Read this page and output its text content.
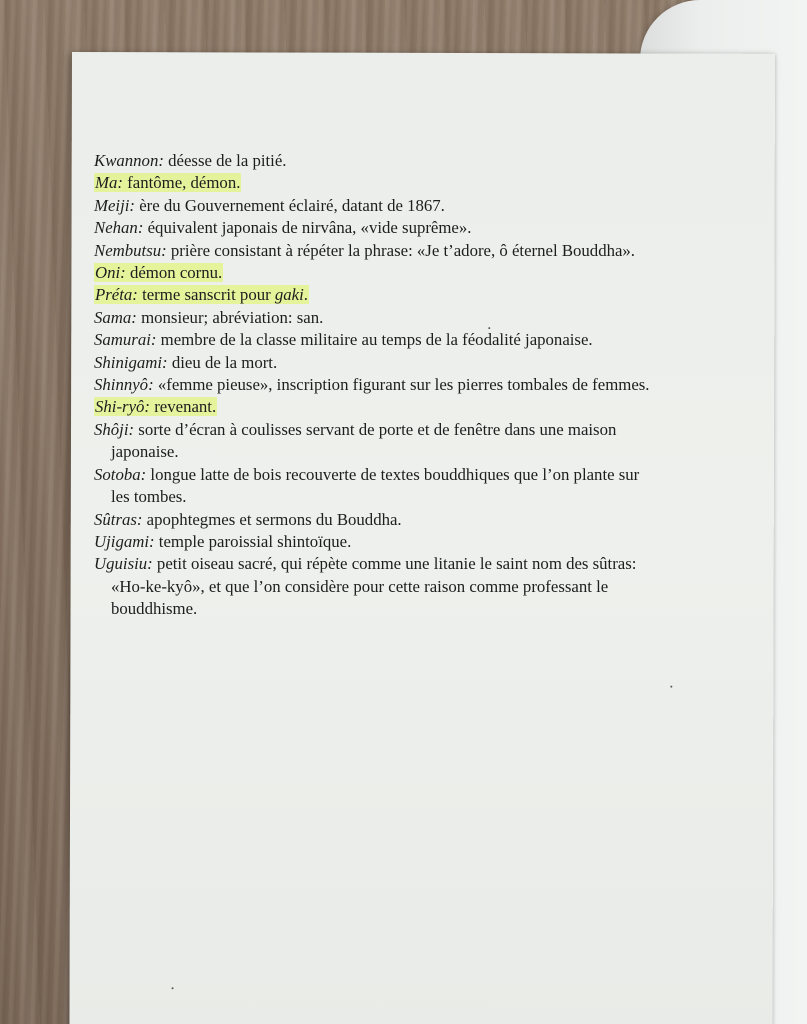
Kwannon: déesse de la pitié.

Ma: fantôme, démon.

Meiji: ère du Gouvernement éclairé, datant de 1867.

Nehan: équivalent japonais de nirvâna, «vide suprême».

Nembutsu: prière consistant à répéter la phrase: «Je t’adore, ô éternel Bouddha».

Oni: démon cornu.

Préta: terme sanscrit pour gaki.

Sama: monsieur; abréviation: san.

Samurai: membre de la classe militaire au temps de la féodalité japonaise.

Shinigami: dieu de la mort.

Shinnyô: «femme pieuse», inscription figurant sur les pierres tombales de femmes.

Shi-ryô: revenant.

Shôji: sorte d’écran à coulisses servant de porte et de fenêtre dans une maison japonaise.

Sotoba: longue latte de bois recouverte de textes bouddhiques que l’on plante sur les tombes.

Sûtras: apophtegmes et sermons du Bouddha.

Ujigami: temple paroissial shintoïque.

Uguisiu: petit oiseau sacré, qui répète comme une litanie le saint nom des sûtras: «Ho-ke-kyô», et que l’on considère pour cette raison comme professant le bouddhisme.
